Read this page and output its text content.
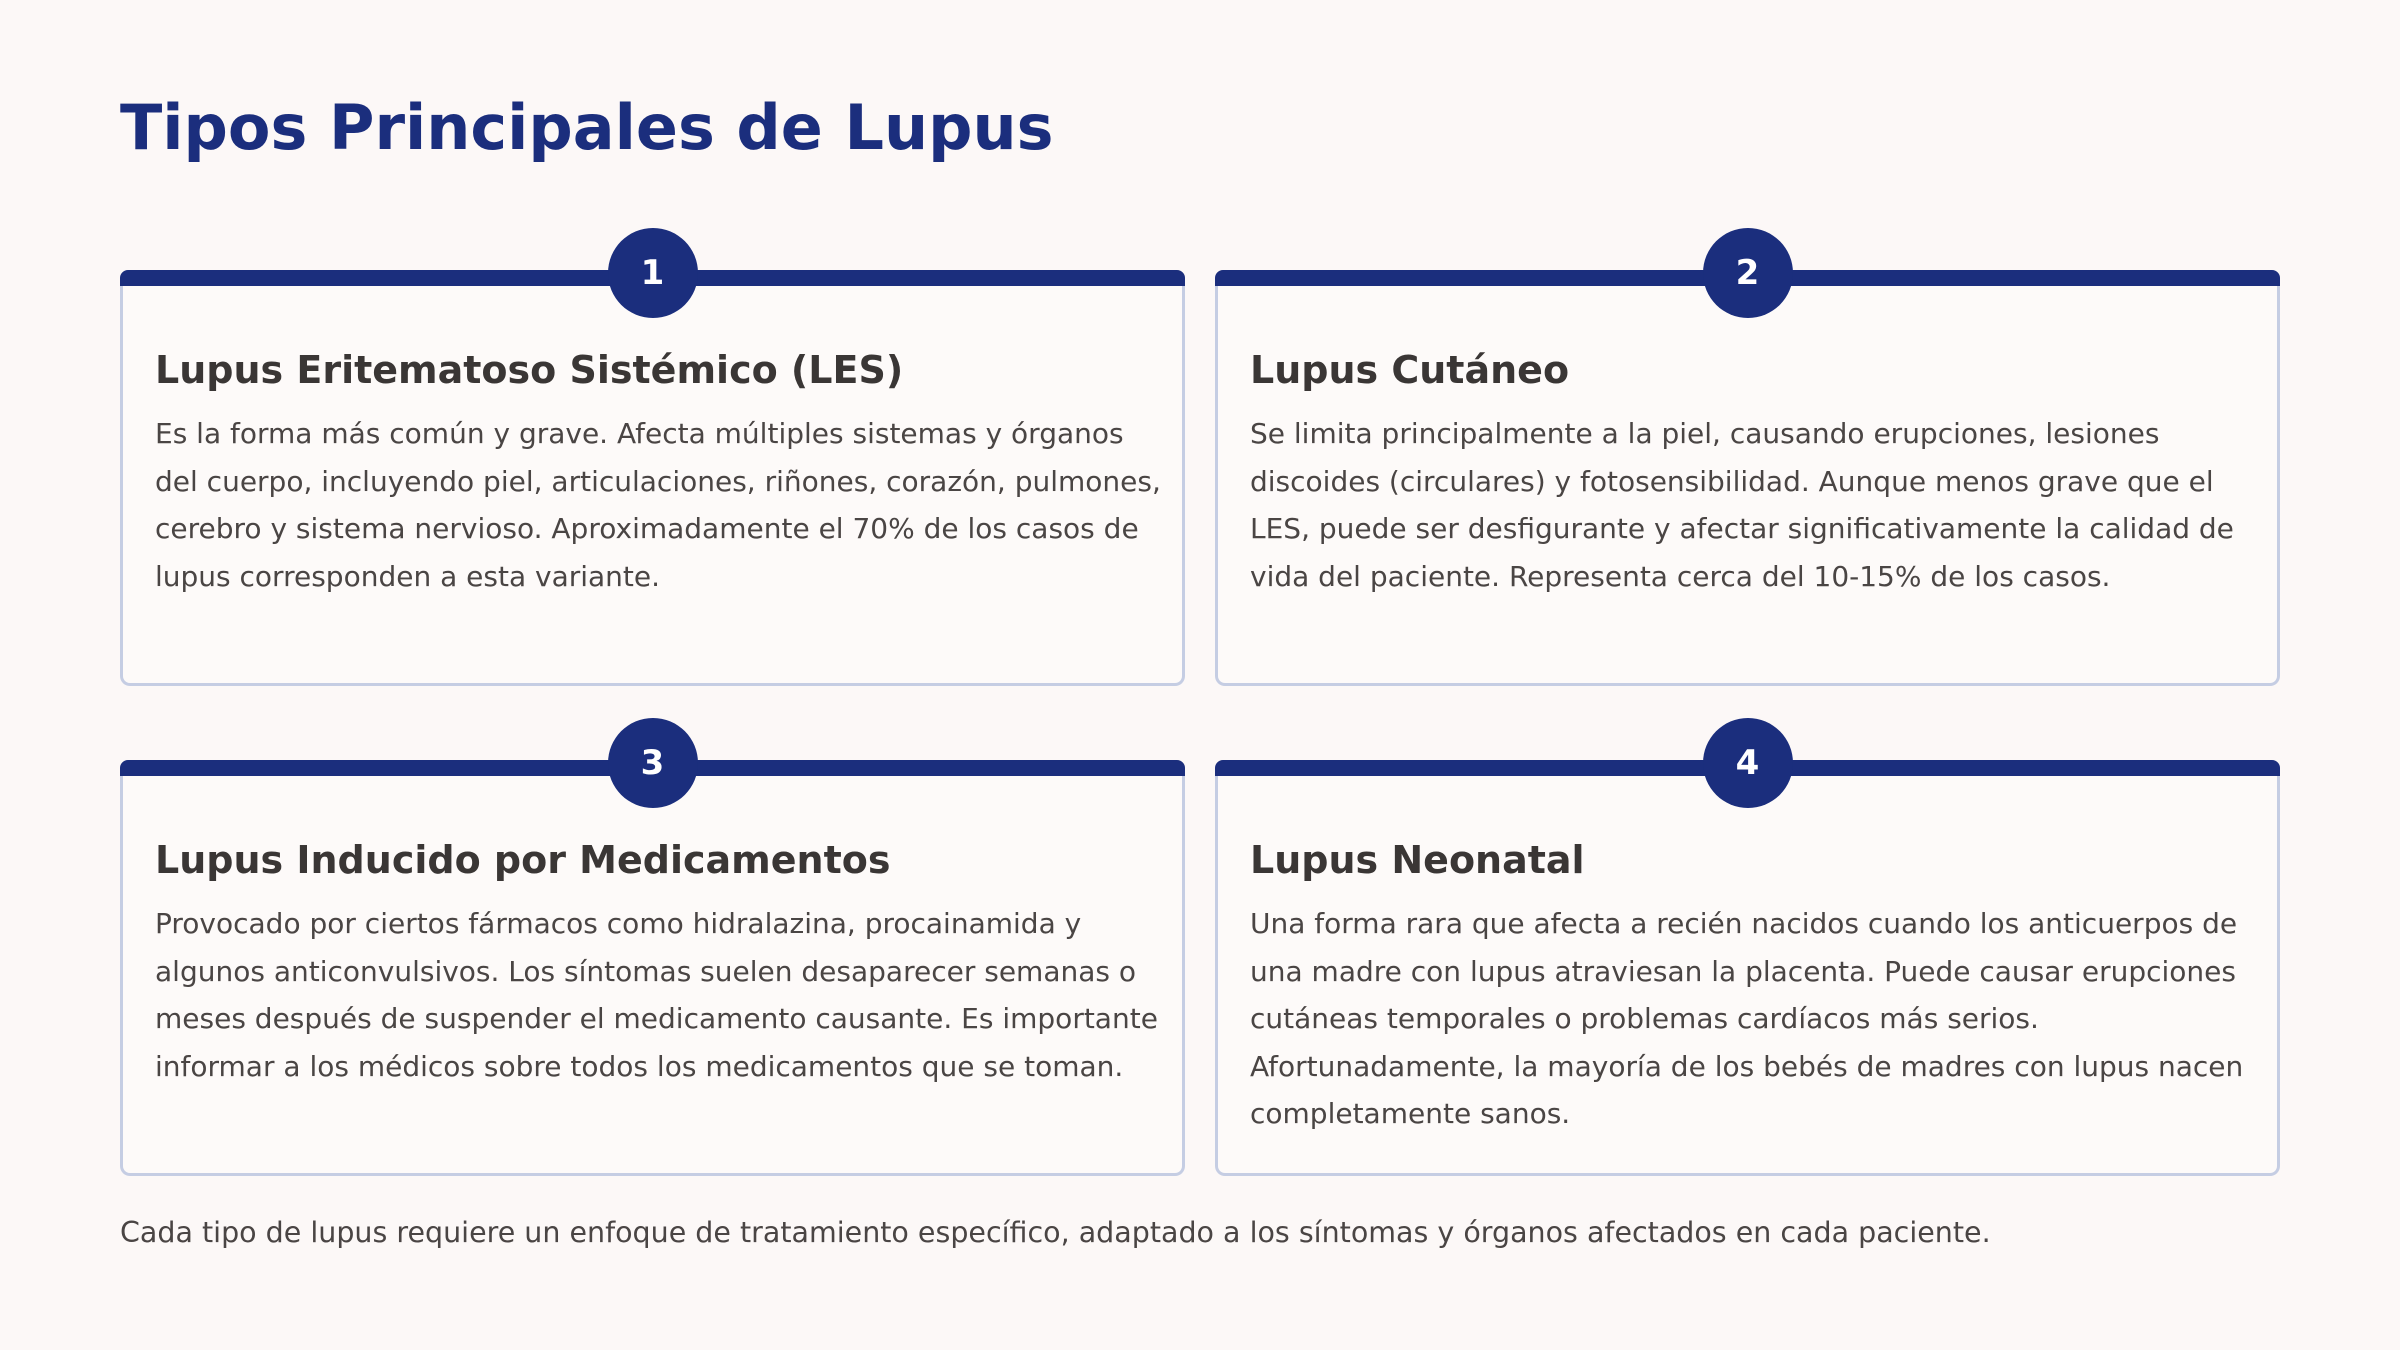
Tipos Principales de Lupus
1
Lupus Eritematoso Sistémico (LES)
Es la forma más común y grave. Afecta múltiples sistemas y órganos del cuerpo, incluyendo piel, articulaciones, riñones, corazón, pulmones, cerebro y sistema nervioso. Aproximadamente el 70% de los casos de lupus corresponden a esta variante.
2
Lupus Cutáneo
Se limita principalmente a la piel, causando erupciones, lesiones discoides (circulares) y fotosensibilidad. Aunque menos grave que el LES, puede ser desfigurante y afectar significativamente la calidad de vida del paciente. Representa cerca del 10-15% de los casos.
3
Lupus Inducido por Medicamentos
Provocado por ciertos fármacos como hidralazina, procainamida y algunos anticonvulsivos. Los síntomas suelen desaparecer semanas o meses después de suspender el medicamento causante. Es importante informar a los médicos sobre todos los medicamentos que se toman.
4
Lupus Neonatal
Una forma rara que afecta a recién nacidos cuando los anticuerpos de una madre con lupus atraviesan la placenta. Puede causar erupciones cutáneas temporales o problemas cardíacos más serios. Afortunadamente, la mayoría de los bebés de madres con lupus nacen completamente sanos.
Cada tipo de lupus requiere un enfoque de tratamiento específico, adaptado a los síntomas y órganos afectados en cada paciente.
